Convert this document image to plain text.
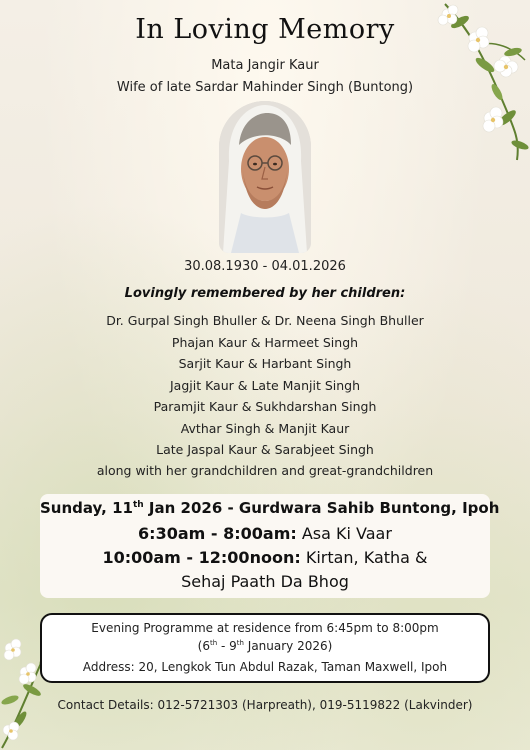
In Loving Memory
Mata Jangir Kaur
Wife of late Sardar Mahinder Singh (Buntong)
30.08.1930 - 04.01.2026
Lovingly remembered by her children:
Dr. Gurpal Singh Bhuller & Dr. Neena Singh Bhuller
Phajan Kaur & Harmeet Singh
Sarjit Kaur & Harbant Singh
Jagjit Kaur & Late Manjit Singh
Paramjit Kaur & Sukhdarshan Singh
Avthar Singh & Manjit Kaur
Late Jaspal Kaur & Sarabjeet Singh
along with her grandchildren and great-grandchildren
Sunday, 11th Jan 2026 - Gurdwara Sahib Buntong, Ipoh
6:30am - 8:00am: Asa Ki Vaar
10:00am - 12:00noon: Kirtan, Katha &
Sehaj Paath Da Bhog
Evening Programme at residence from 6:45pm to 8:00pm
(6th - 9th January 2026)
Address: 20, Lengkok Tun Abdul Razak, Taman Maxwell, Ipoh
Contact Details: 012-5721303 (Harpreath), 019-5119822 (Lakvinder)
